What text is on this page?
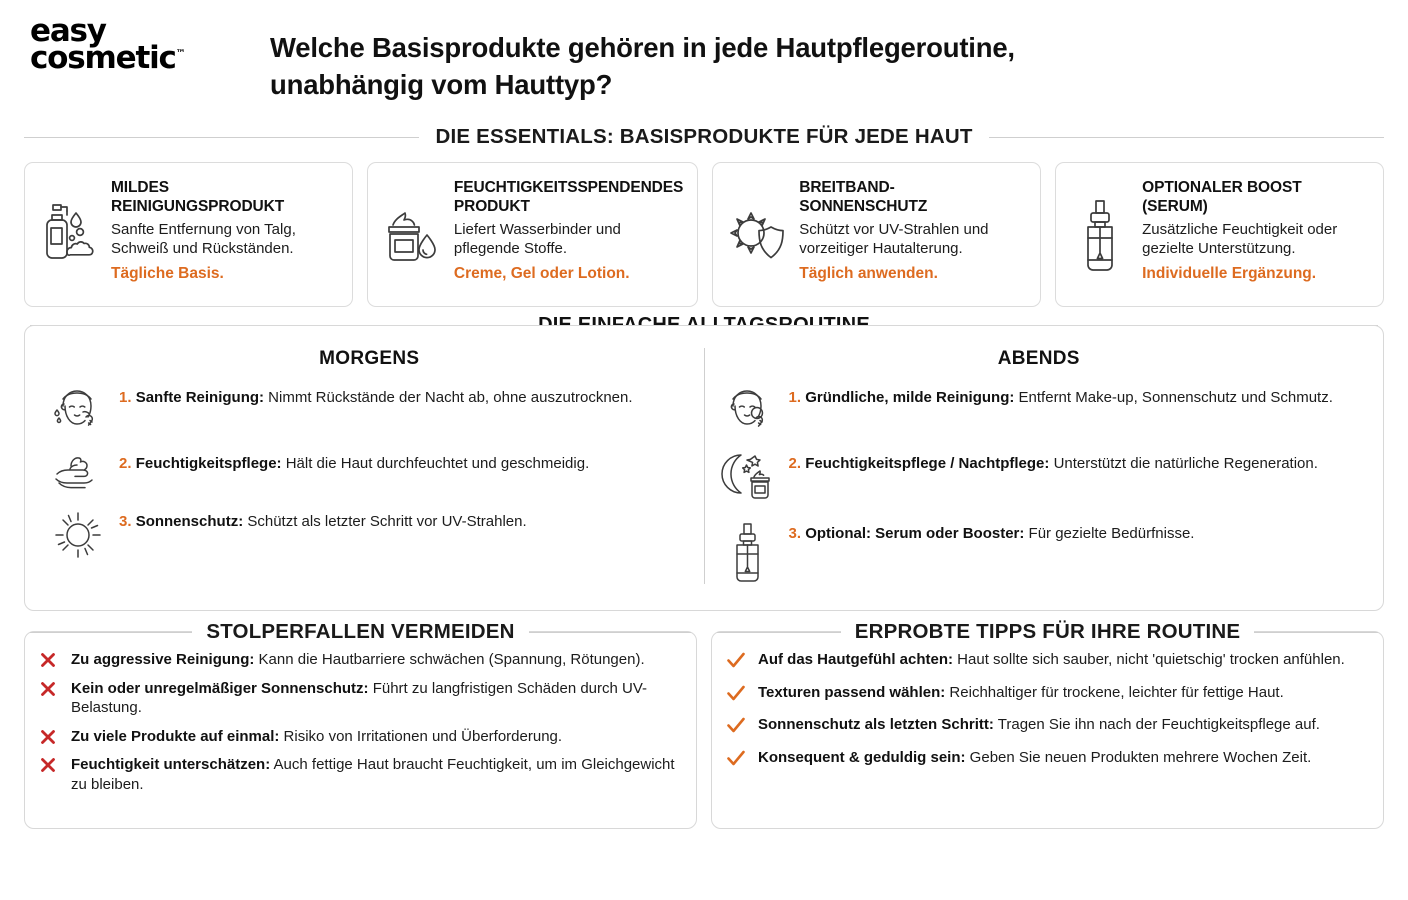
easy
cosmetic™	Welche Basisprodukte gehören in jede Hautpflegeroutine,
unabhängig vom Hauttyp?
DIE ESSENTIALS: BASISPRODUKTE FÜR JEDE HAUT
MILDES REINIGUNGSPRODUKT
Sanfte Entfernung von Talg, Schweiß und Rückständen.
Tägliche Basis.
FEUCHTIGKEITSSPENDENDES PRODUKT
Liefert Wasserbinder und pflegende Stoffe.
Creme, Gel oder Lotion.
BREITBAND- SONNENSCHUTZ
Schützt vor UV-Strahlen und vorzeitiger Hautalterung.
Täglich anwenden.
OPTIONALER BOOST (SERUM)
Zusätzliche Feuchtigkeit oder gezielte Unterstützung.
Individuelle Ergänzung.
MORGENS
1. Sanfte Reinigung: Nimmt Rückstände der Nacht ab, ohne auszutrocknen.
2. Feuchtigkeitspflege: Hält die Haut durchfeuchtet und geschmeidig.
3. Sonnenschutz: Schützt als letzter Schritt vor UV-Strahlen.
ABENDS
1. Gründliche, milde Reinigung: Entfernt Make-up, Sonnenschutz und Schmutz.
2. Feuchtigkeitspflege / Nachtpflege: Unterstützt die natürliche Regeneration.
3. Optional: Serum oder Booster: Für gezielte Bedürfnisse.
STOLPERFALLEN VERMEIDEN
Zu aggressive Reinigung: Kann die Hautbarriere schwächen (Spannung, Rötungen).
Kein oder unregelmäßiger Sonnenschutz: Führt zu langfristigen Schäden durch UV-Belastung.
Zu viele Produkte auf einmal: Risiko von Irritationen und Überforderung.
Feuchtigkeit unterschätzen: Auch fettige Haut braucht Feuchtigkeit, um im Gleichgewicht zu bleiben.
ERPROBTE TIPPS FÜR IHRE ROUTINE
Auf das Hautgefühl achten: Haut sollte sich sauber, nicht 'quietschig' trocken anfühlen.
Texturen passend wählen: Reichhaltiger für trockene, leichter für fettige Haut.
Sonnenschutz als letzten Schritt: Tragen Sie ihn nach der Feuchtigkeitspflege auf.
Konsequent & geduldig sein: Geben Sie neuen Produkten mehrere Wochen Zeit.
